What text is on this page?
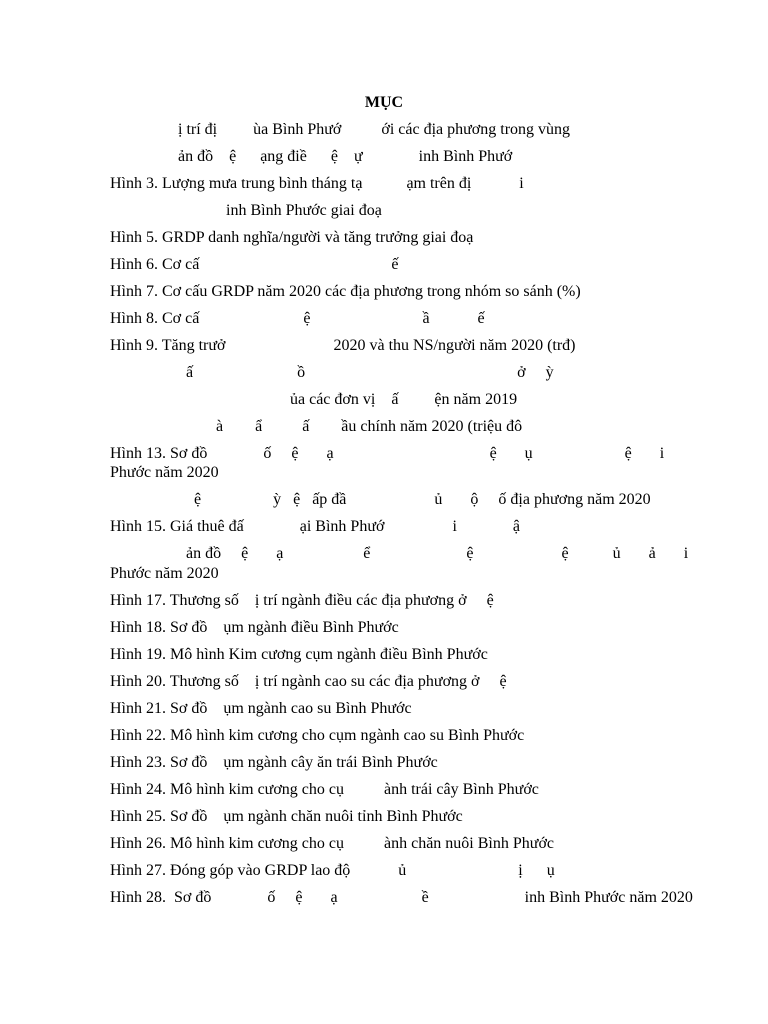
MỤC
ị trí đị         ùa Bình Phướ          ới các địa phương trong vùng
ản đồ    ệ      ạng điề      ệ    ự              inh Bình Phướ
Hình 3. Lượng mưa trung bình tháng tạ           ạm trên đị            i
inh Bình Phước giai đoạ
Hình 5. GRDP danh nghĩa/người và tăng trưởng giai đoạ
Hình 6. Cơ cấ                                                ế
Hình 7. Cơ cấu GRDP năm 2020 các địa phương trong nhóm so sánh (%)
Hình 8. Cơ cấ                          ệ                            ầ            ế
Hình 9. Tăng trưở                           2020 và thu NS/người năm 2020 (trđ)
ấ                          ồ                                                     ở     ỳ
ủa các đơn vị    ấ         ện năm 2019
à        ẩ          ấ        ầu chính năm 2020 (triệu đô
Hình 13. Sơ đồ              ố     ệ       ạ                                       ệ       ụ                       ệ       i
Phước năm 2020
ệ                  ỳ   ệ   ấp đầ                      ủ       ộ     ố địa phương năm 2020
Hình 15. Giá thuê đấ              ại Bình Phướ                 i              ậ
ản đồ     ệ       ạ                    ể                        ệ                      ệ           ủ       ả       i
Phước năm 2020
Hình 17. Thương số    ị trí ngành điều các địa phương ở     ệ
Hình 18. Sơ đồ    ụm ngành điều Bình Phước
Hình 19. Mô hình Kim cương cụm ngành điều Bình Phước
Hình 20. Thương số    ị trí ngành cao su các địa phương ở     ệ
Hình 21. Sơ đồ    ụm ngành cao su Bình Phước
Hình 22. Mô hình kim cương cho cụm ngành cao su Bình Phước
Hình 23. Sơ đồ    ụm ngành cây ăn trái Bình Phước
Hình 24. Mô hình kim cương cho cụ          ành trái cây Bình Phước
Hình 25. Sơ đồ    ụm ngành chăn nuôi tỉnh Bình Phước
Hình 26. Mô hình kim cương cho cụ          ành chăn nuôi Bình Phước
Hình 27. Đóng góp vào GRDP lao độ            ủ                            ị      ụ
Hình 28.  Sơ đồ              ố     ệ       ạ                     ề                        inh Bình Phước năm 2020
